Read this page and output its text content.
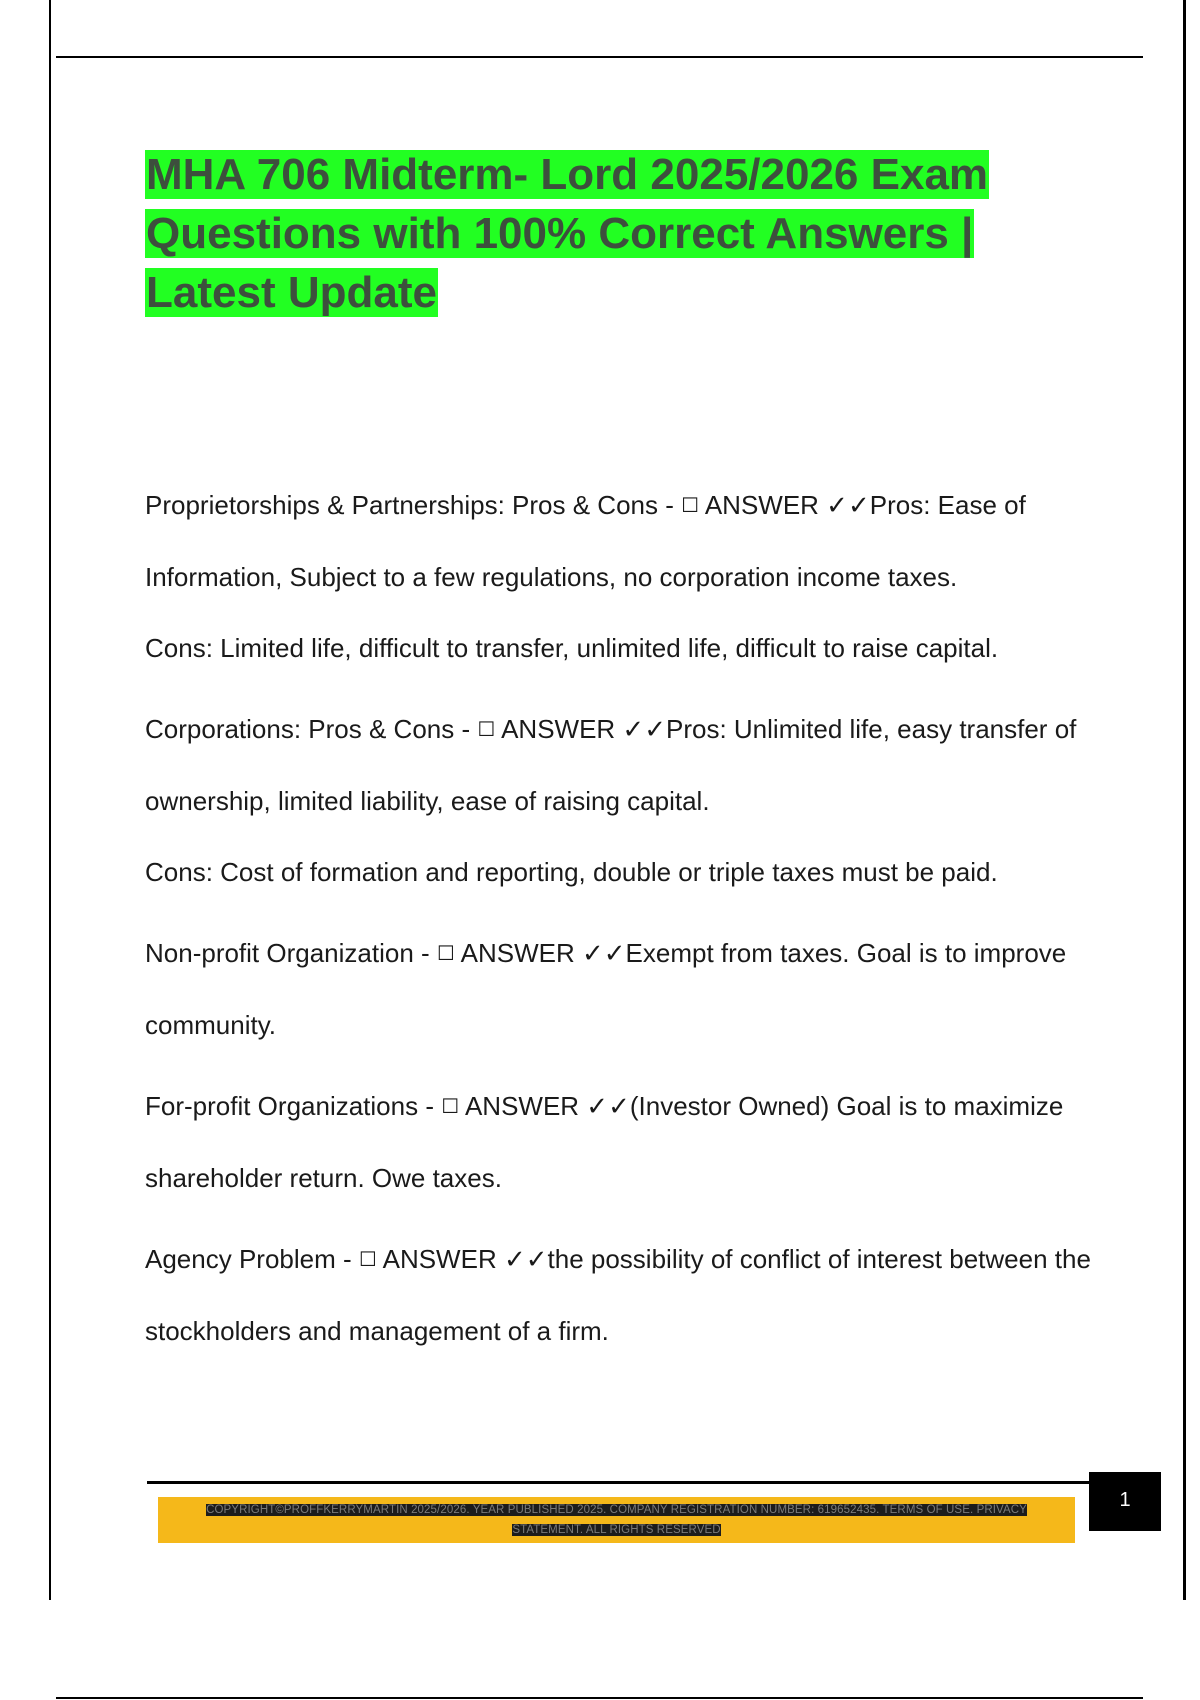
MHA 706 Midterm- Lord 2025/2026 Exam Questions with 100% Correct Answers | Latest Update
Proprietorships & Partnerships: Pros & Cons - ☐ ANSWER ✓✓Pros: Ease of Information, Subject to a few regulations, no corporation income taxes.
Cons: Limited life, difficult to transfer, unlimited life, difficult to raise capital.
Corporations: Pros & Cons - ☐ ANSWER ✓✓Pros: Unlimited life, easy transfer of ownership, limited liability, ease of raising capital.
Cons: Cost of formation and reporting, double or triple taxes must be paid.
Non-profit Organization - ☐ ANSWER ✓✓Exempt from taxes. Goal is to improve community.
For-profit Organizations - ☐ ANSWER ✓✓(Investor Owned) Goal is to maximize shareholder return. Owe taxes.
Agency Problem - ☐ ANSWER ✓✓the possibility of conflict of interest between the stockholders and management of a firm.
COPYRIGHT©PROFFKERRYMARTIN 2025/2026. YEAR PUBLISHED 2025. COMPANY REGISTRATION NUMBER: 619652435. TERMS OF USE. PRIVACY STATEMENT. ALL RIGHTS RESERVED
1
